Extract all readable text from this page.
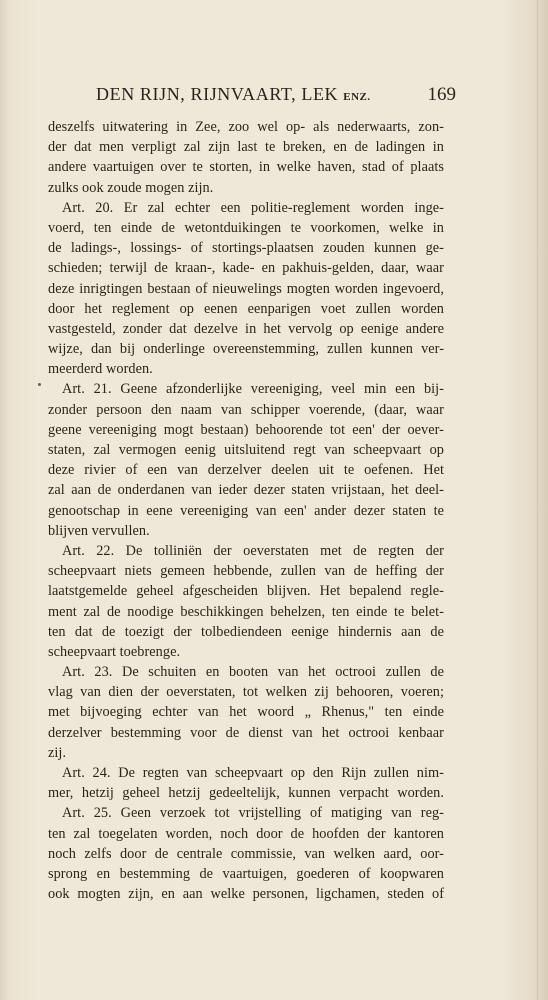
DEN RIJN, RIJNVAART, LEK ENZ.	169
deszelfs uitwatering in Zee, zoo wel op- als nederwaarts, zon-
der dat men verpligt zal zijn last te breken, en de ladingen in
andere vaartuigen over te storten, in welke haven, stad of plaats
zulks ook zoude mogen zijn.
Art. 20. Er zal echter een politie-reglement worden inge-
voerd, ten einde de wetontduikingen te voorkomen, welke in
de ladings-, lossings- of stortings-plaatsen zouden kunnen ge-
schieden; terwijl de kraan-, kade- en pakhuis-gelden, daar, waar
deze inrigtingen bestaan of nieuwelings mogten worden ingevoerd,
door het reglement op eenen eenparigen voet zullen worden
vastgesteld, zonder dat dezelve in het vervolg op eenige andere
wijze, dan bij onderlinge overeenstemming, zullen kunnen ver-
meerderd worden.
Art. 21. Geene afzonderlijke vereeniging, veel min een bij-
zonder persoon den naam van schipper voerende, (daar, waar
geene vereeniging mogt bestaan) behoorende tot een' der oever-
staten, zal vermogen eenig uitsluitend regt van scheepvaart op
deze rivier of een van derzelver deelen uit te oefenen. Het
zal aan de onderdanen van ieder dezer staten vrijstaan, het deel-
genootschap in eene vereeniging van een' ander dezer staten te
blijven vervullen.
Art. 22. De tolliniën der oeverstaten met de regten der
scheepvaart niets gemeen hebbende, zullen van de heffing der
laatstgemelde geheel afgescheiden blijven. Het bepalend regle-
ment zal de noodige beschikkingen behelzen, ten einde te belet-
ten dat de toezigt der tolbediendeen eenige hindernis aan de
scheepvaart toebrenge.
Art. 23. De schuiten en booten van het octrooi zullen de
vlag van dien der oeverstaten, tot welken zij behooren, voeren;
met bijvoeging echter van het woord „ Rhenus," ten einde
derzelver bestemming voor de dienst van het octrooi kenbaar
zij.
Art. 24. De regten van scheepvaart op den Rijn zullen nim-
mer, hetzij geheel hetzij gedeeltelijk, kunnen verpacht worden.
Art. 25. Geen verzoek tot vrijstelling of matiging van reg-
ten zal toegelaten worden, noch door de hoofden der kantoren
noch zelfs door de centrale commissie, van welken aard, oor-
sprong en bestemming de vaartuigen, goederen of koopwaren
ook mogten zijn, en aan welke personen, ligchamen, steden of
